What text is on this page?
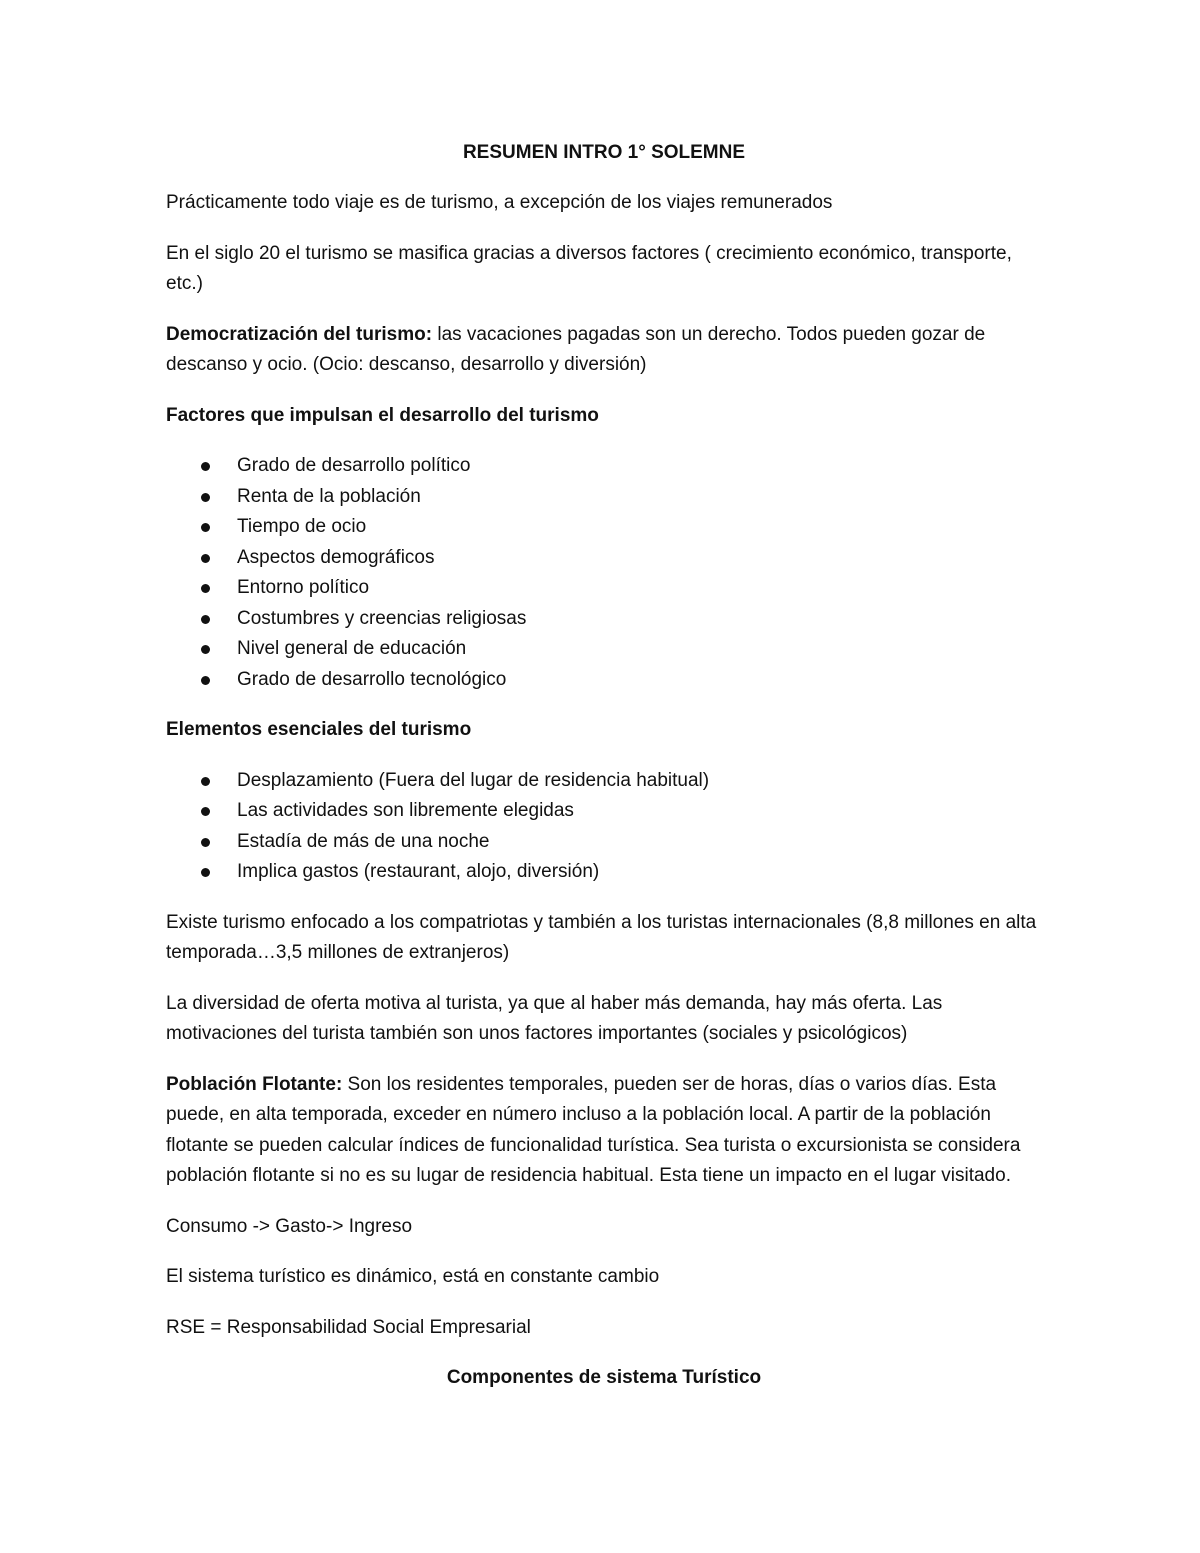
RESUMEN INTRO 1° SOLEMNE

Prácticamente todo viaje es de turismo, a excepción de los viajes remunerados

En el siglo 20 el turismo se masifica gracias a diversos factores ( crecimiento económico, transporte, etc.)

Democratización del turismo: las vacaciones pagadas son un derecho. Todos pueden gozar de descanso y ocio. (Ocio: descanso, desarrollo y diversión)

Factores que impulsan el desarrollo del turismo
Grado de desarrollo político
Renta de la población
Tiempo de ocio
Aspectos demográficos
Entorno político
Costumbres y creencias religiosas
Nivel general de educación
Grado de desarrollo tecnológico
Elementos esenciales del turismo
Desplazamiento (Fuera del lugar de residencia habitual)
Las actividades son libremente elegidas
Estadía de más de una noche
Implica gastos (restaurant, alojo, diversión)

Existe turismo enfocado a los compatriotas y también a los turistas internacionales (8,8 millones en alta temporada…3,5 millones de extranjeros)

La diversidad de oferta motiva al turista, ya que al haber más demanda, hay más oferta. Las motivaciones del turista también son unos factores importantes (sociales y psicológicos)

Población Flotante: Son los residentes temporales, pueden ser de horas, días o varios días. Esta puede, en alta temporada, exceder en número incluso a la población local. A partir de la población flotante se pueden calcular índices de funcionalidad turística. Sea turista o excursionista se considera población flotante si no es su lugar de residencia habitual. Esta tiene un impacto en el lugar visitado.

Consumo -> Gasto-> Ingreso

El sistema turístico es dinámico, está en constante cambio

RSE = Responsabilidad Social Empresarial

Componentes de sistema Turístico
